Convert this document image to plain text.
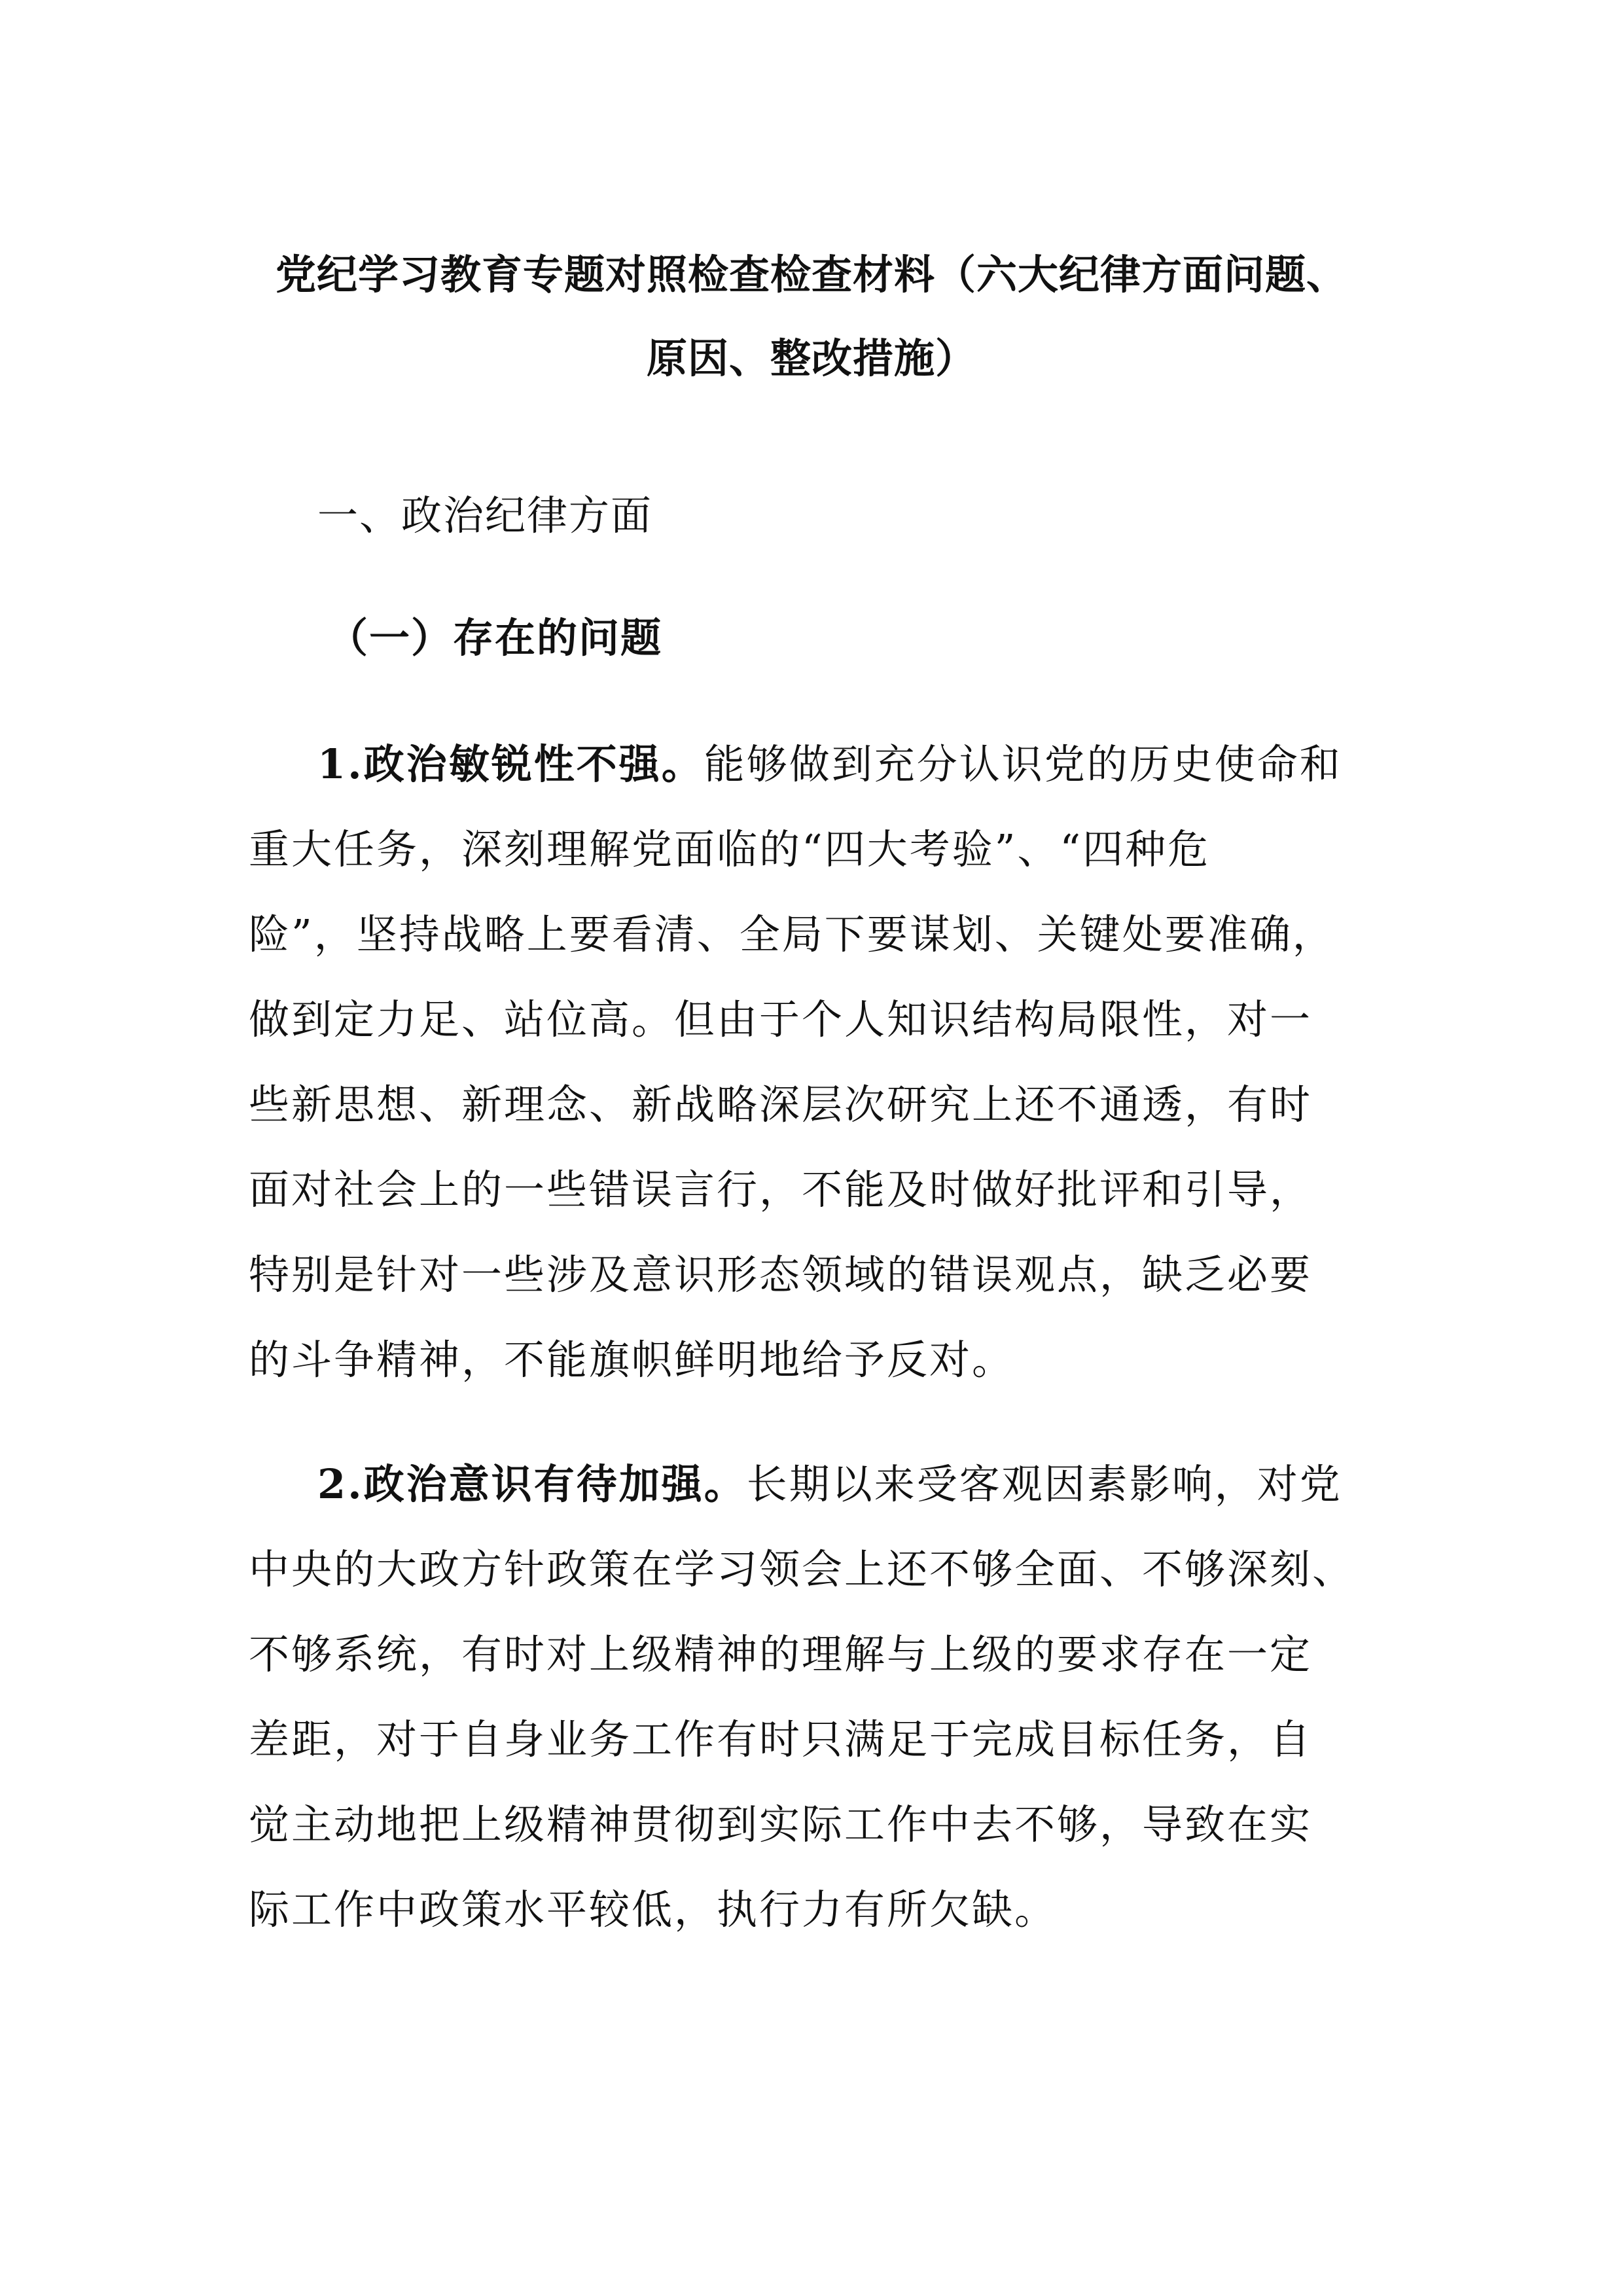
党纪学习教育专题对照检查检查材料（六大纪律方面问题、
原因、整改措施）
一、政治纪律方面
（一）存在的问题
1.政治敏锐性不强。能够做到充分认识党的历史使命和
重大任务，深刻理解党面临的“四大考验”、“四种危
险”，坚持战略上要看清、全局下要谋划、关键处要准确，
做到定力足、站位高。但由于个人知识结构局限性，对一
些新思想、新理念、新战略深层次研究上还不通透，有时
面对社会上的一些错误言行，不能及时做好批评和引导，
特别是针对一些涉及意识形态领域的错误观点，缺乏必要
的斗争精神，不能旗帜鲜明地给予反对。
2.政治意识有待加强。长期以来受客观因素影响，对党
中央的大政方针政策在学习领会上还不够全面、不够深刻、
不够系统，有时对上级精神的理解与上级的要求存在一定
差距，对于自身业务工作有时只满足于完成目标任务，自
觉主动地把上级精神贯彻到实际工作中去不够，导致在实
际工作中政策水平较低，执行力有所欠缺。
